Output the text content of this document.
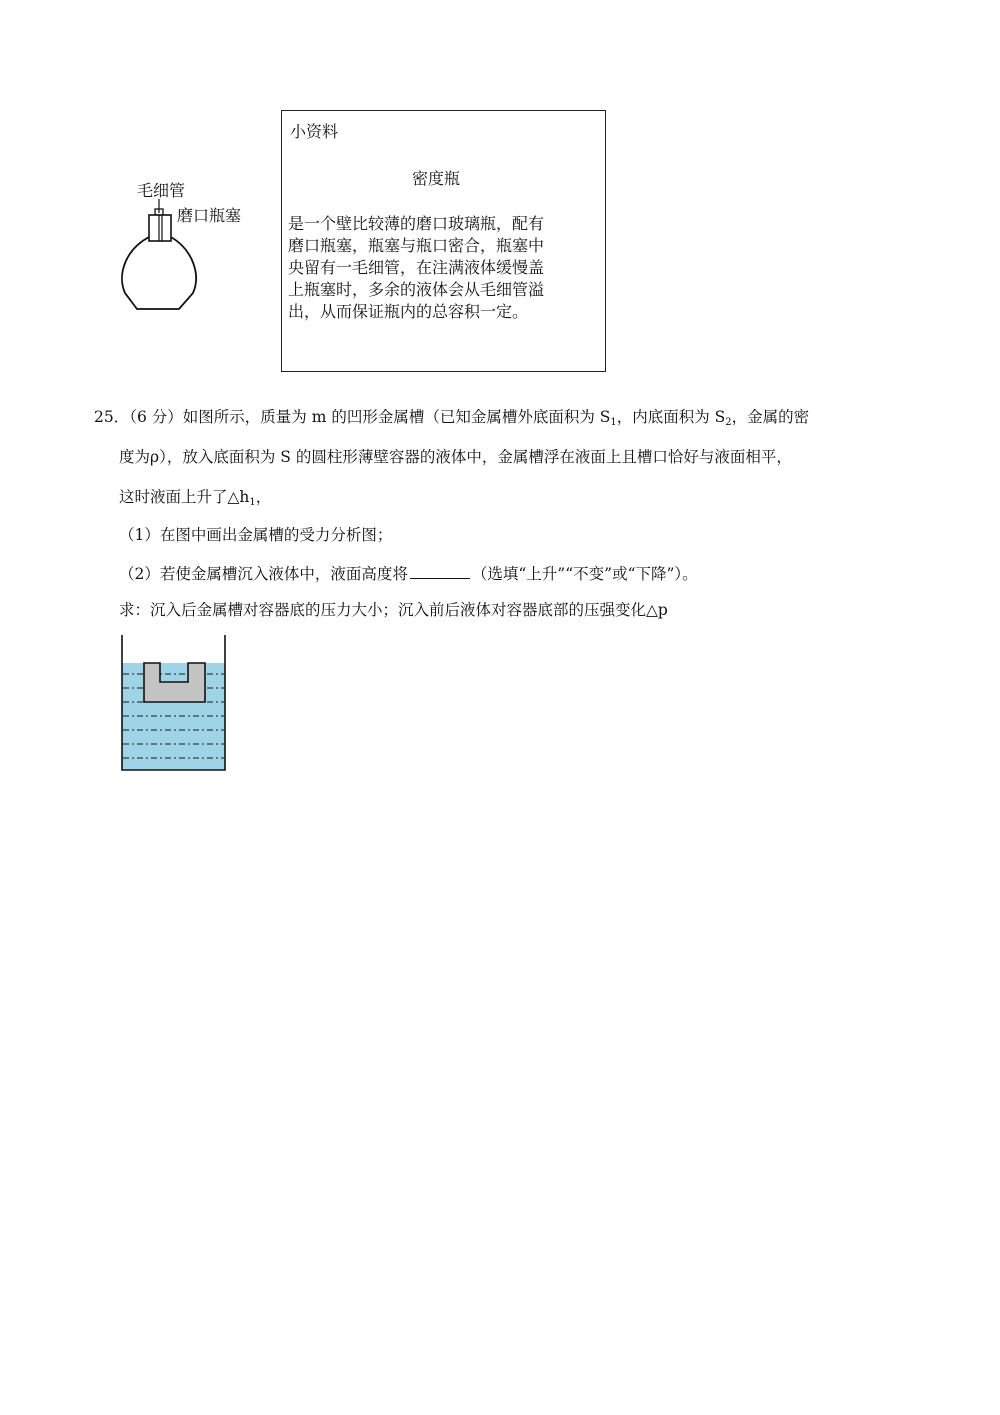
毛细管
磨口瓶塞
小资料
密度瓶
是一个壁比较薄的磨口玻璃瓶，配有
磨口瓶塞，瓶塞与瓶口密合，瓶塞中
央留有一毛细管，在注满液体缓慢盖
上瓶塞时，多余的液体会从毛细管溢
出，从而保证瓶内的总容积一定。
25．（6 分）如图所示，质量为 m 的凹形金属槽（已知金属槽外底面积为 $S_1$，内底面积为 $S_2$，金属的密
度为ρ），放入底面积为 S 的圆柱形薄壁容器的液体中，金属槽浮在液面上且槽口恰好与液面相平，
这时液面上升了$\triangle h_1$，
（1）在图中画出金属槽的受力分析图；
（2）若使金属槽沉入液体中，液面高度将	（选填“上升”“不变”或“下降”）。
求：沉入后金属槽对容器底的压力大小；沉入前后液体对容器底部的压强变化△p
